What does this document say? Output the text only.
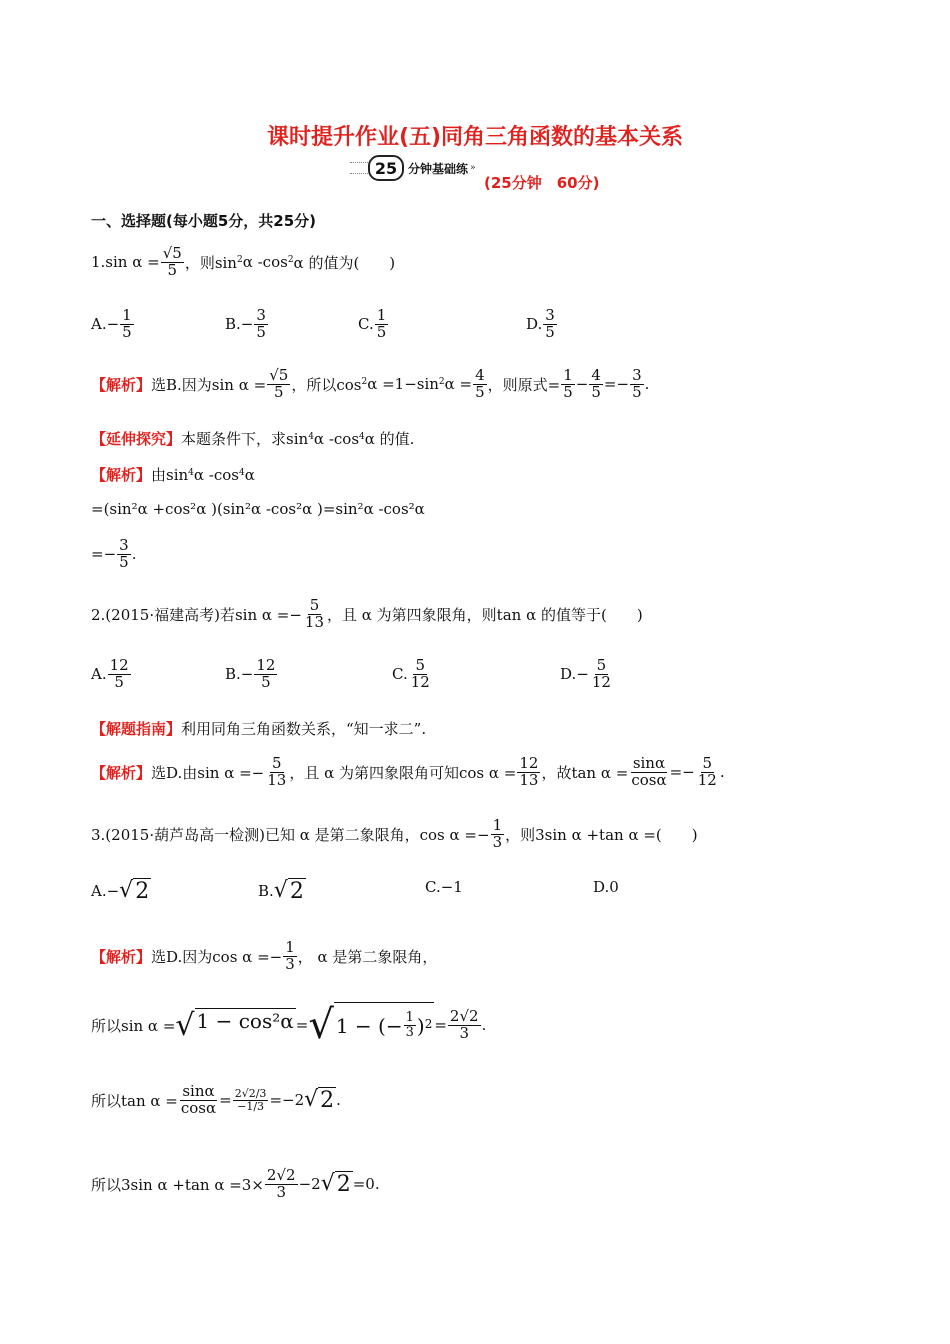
课时提升作业(五)同角三角函数的基本关系
25 分钟基础练 »
(25分钟　60分)
一、选择题(每小题5分，共25分)
1.sin $\alpha = \frac{√5}{5}$ ，则$\sin^2 \alpha$ $-\cos^2$ α 的值为(　　)
$A.- \frac{1}{5}$	$B.- \frac{3}{5}$	C. $\frac{1}{5}$	D. $\frac{3}{5}$
【解析】 选B.因为$\sin \alpha = \frac{√5}{5}$ ，所以$\cos^2 \alpha =1-\sin^2$ $\alpha = \frac{4}{5}$ ，则原式= $\frac{1}{5} - \frac{4}{5} =- \frac{3}{5}$ .
【延伸探究】 本题条件下，求$\sin^4 \alpha$ $-\cos^4$ α 的值.
【解析】 由$\sin^4 \alpha$ $-\cos^4$ α
=(sin²α +cos²α )(sin²α -cos²α )=sin²α -cos²α
=− $\frac{3}{5}$ .
2.(2015·福建高考)若$\sin \alpha =- \frac{5}{13}$ ，且 α 为第四象限角，则tan α 的值等于(　　)
A. $\frac{12}{5}$	$B.- \frac{12}{5}$	C. $\frac{5}{12}$	$D.- \frac{5}{12}$
【解题指南】 利用同角三角函数关系，“知一求二”.
【解析】 选D.由$\sin \alpha =- \frac{5}{13}$ ，且 α 为第四象限角可知$\cos \alpha = \frac{12}{13}$ ，故$\tan \alpha = \frac{\sin\alpha}{\cos\alpha} =- \frac{5}{12}$ .
3.(2015·葫芦岛高一检测)已知 α 是第二象限角，$\cos \alpha =- \frac{1}{3}$ ，则3sin α +tan α =(　　)
A.− √ 2	B. √ 2	C.−1	D.0
【解析】 选D.因为$\cos \alpha =- \frac{1}{3}$ ， α 是第二象限角，
所以sin α = √ 1 − cos²α = √ 1 − (− $\frac{1}{3} )^2 = \frac{2√2}{3}$ .
所以$\tan \alpha = \frac{\sin\alpha}{\cos\alpha} = \frac{2√2/3}{-1/3} =-2$ √ 2 .
所以3sin α +tan $\alpha =3\times \frac{2√2}{3} -2$ √ 2 =0.
